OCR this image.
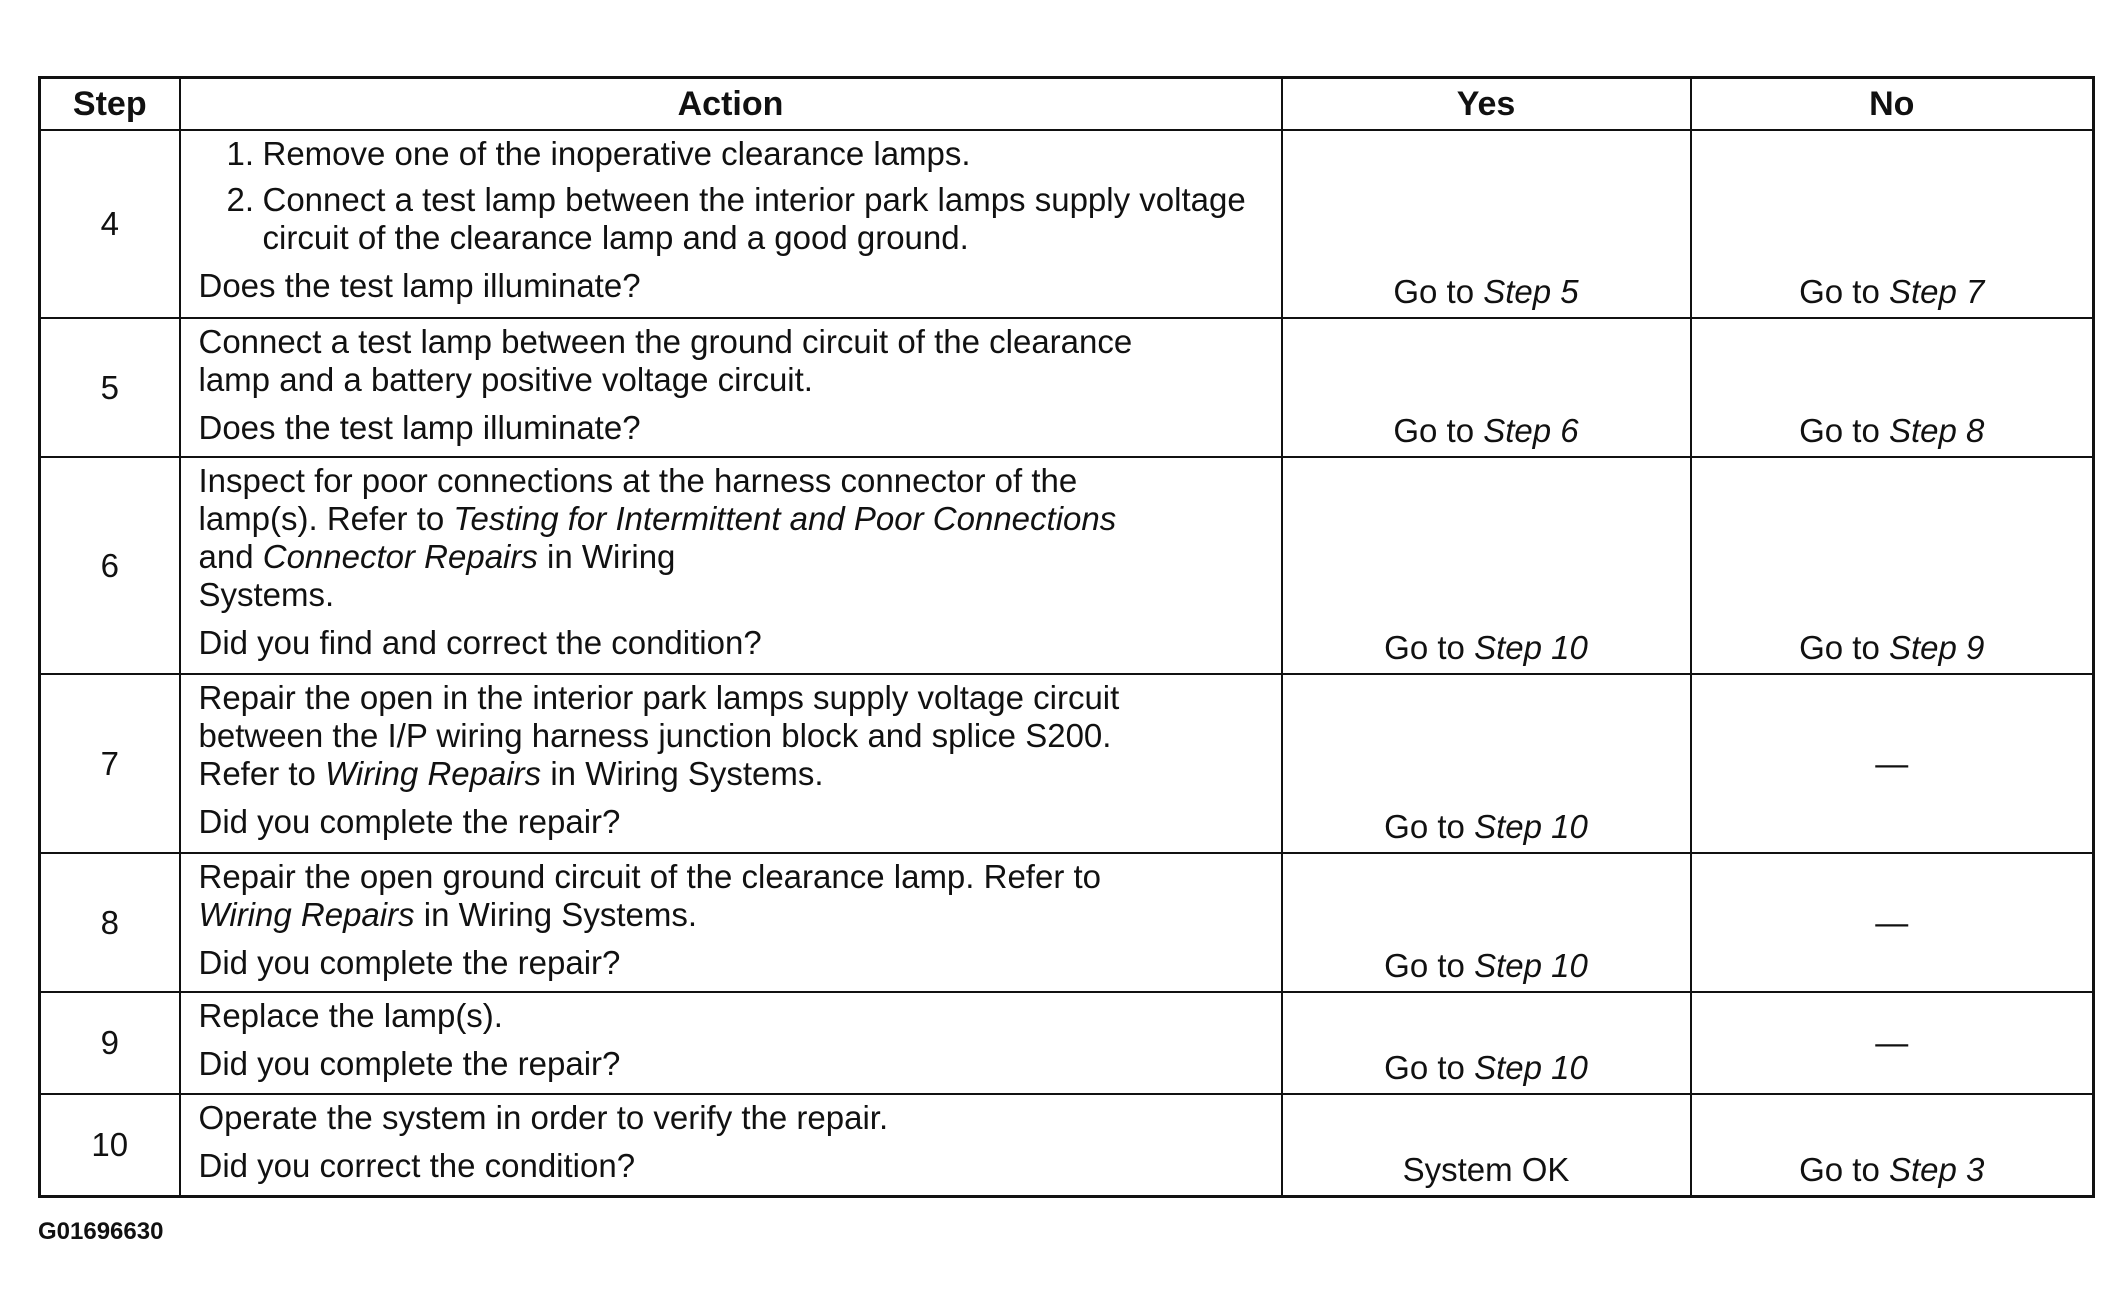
Step	Action	Yes	No
4	1. Remove one of the inoperative clearance lamps.
2. Connect a test lamp between the interior park lamps supply voltage circuit of the clearance lamp and a good ground.
Does the test lamp illuminate?	Go to Step 5	Go to Step 7
5	Connect a test lamp between the ground circuit of the clearance
lamp and a battery positive voltage circuit.
Does the test lamp illuminate?	Go to Step 6	Go to Step 8
6	Inspect for poor connections at the harness connector of the
lamp(s). Refer to Testing for Intermittent and Poor Connections
and Connector Repairs in Wiring
Systems.
Did you find and correct the condition?	Go to Step 10	Go to Step 9
7	Repair the open in the interior park lamps supply voltage circuit
between the I/P wiring harness junction block and splice S200.
Refer to Wiring Repairs in Wiring Systems.
Did you complete the repair?	Go to Step 10	—
8	Repair the open ground circuit of the clearance lamp. Refer to
Wiring Repairs in Wiring Systems.
Did you complete the repair?	Go to Step 10	—
9	Replace the lamp(s).
Did you complete the repair?	Go to Step 10	—
10	Operate the system in order to verify the repair.
Did you correct the condition?	System OK	Go to Step 3
G01696630
